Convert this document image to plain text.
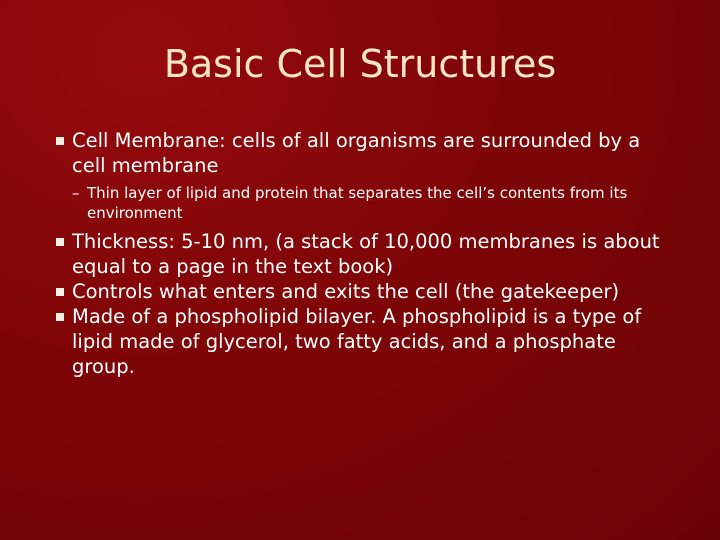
Basic Cell Structures
Cell Membrane: cells of all organisms are surrounded by a cell membrane
– Thin layer of lipid and protein that separates the cell’s contents from its environment
Thickness: 5-10 nm, (a stack of 10,000 membranes is about equal to a page in the text book)
Controls what enters and exits the cell (the gatekeeper)
Made of a phospholipid bilayer. A phospholipid is a type of lipid made of glycerol, two fatty acids, and a phosphate group.
